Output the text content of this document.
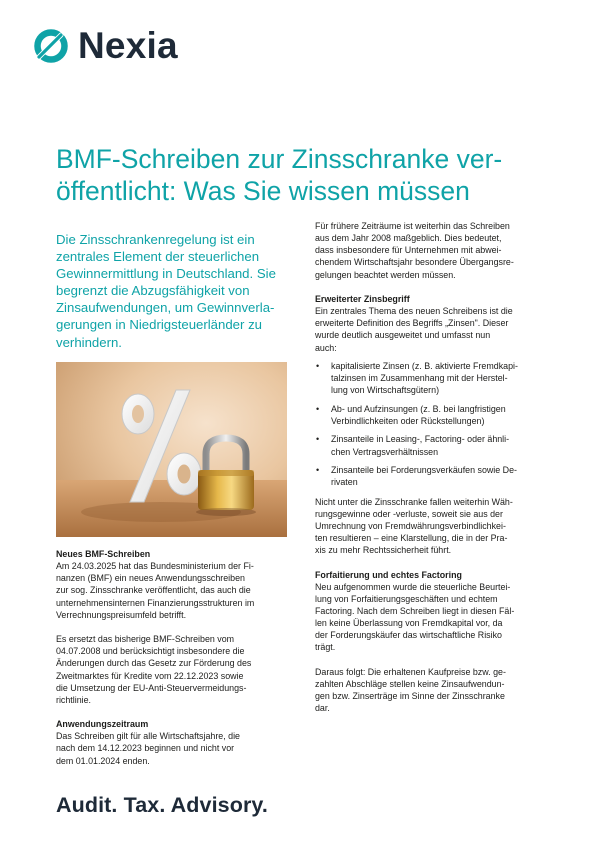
Nexia
BMF-Schreiben zur Zinsschranke ver-
öffentlicht: Was Sie wissen müssen

Die Zinsschrankenregelung ist ein
zentrales Element der steuerlichen
Gewinnermittlung in Deutschland. Sie
begrenzt die Abzugsfähigkeit von
Zinsaufwendungen, um Gewinnverla-
gerungen in Niedrigsteuerländer zu
verhindern.

Neues BMF-Schreiben
Am 24.03.2025 hat das Bundesministerium der Fi-
nanzen (BMF) ein neues Anwendungsschreiben
zur sog. Zinsschranke veröffentlicht, das auch die
unternehmensinternen Finanzierungsstrukturen im
Verrechnungspreisumfeld betrifft.
Es ersetzt das bisherige BMF-Schreiben vom
04.07.2008 und berücksichtigt insbesondere die
Änderungen durch das Gesetz zur Förderung des
Zweitmarktes für Kredite vom 22.12.2023 sowie
die Umsetzung der EU-Anti-Steuervermeidungs-
richtlinie.
Anwendungszeitraum
Das Schreiben gilt für alle Wirtschaftsjahre, die
nach dem 14.12.2023 beginnen und nicht vor
dem 01.01.2024 enden.
Für frühere Zeiträume ist weiterhin das Schreiben
aus dem Jahr 2008 maßgeblich. Dies bedeutet,
dass insbesondere für Unternehmen mit abwei-
chendem Wirtschaftsjahr besondere Übergangsre-
gelungen beachtet werden müssen.
Erweiterter Zinsbegriff
Ein zentrales Thema des neuen Schreibens ist die
erweiterte Definition des Begriffs „Zinsen". Dieser
wurde deutlich ausgeweitet und umfasst nun
auch:
• kapitalisierte Zinsen (z. B. aktivierte Fremdkapi-
talzinsen im Zusammenhang mit der Herstel-
lung von Wirtschaftsgütern)
• Ab- und Aufzinsungen (z. B. bei langfristigen
Verbindlichkeiten oder Rückstellungen)
• Zinsanteile in Leasing-, Factoring- oder ähnli-
chen Vertragsverhältnissen
• Zinsanteile bei Forderungsverkäufen sowie De-
rivaten
Nicht unter die Zinsschranke fallen weiterhin Wäh-
rungsgewinne oder -verluste, soweit sie aus der
Umrechnung von Fremdwährungsverbindlichkei-
ten resultieren – eine Klarstellung, die in der Pra-
xis zu mehr Rechtssicherheit führt.
Forfaitierung und echtes Factoring
Neu aufgenommen wurde die steuerliche Beurtei-
lung von Forfaitierungsgeschäften und echtem
Factoring. Nach dem Schreiben liegt in diesen Fäl-
len keine Überlassung von Fremdkapital vor, da
der Forderungskäufer das wirtschaftliche Risiko
trägt.
Daraus folgt: Die erhaltenen Kaufpreise bzw. ge-
zahlten Abschläge stellen keine Zinsaufwendun-
gen bzw. Zinserträge im Sinne der Zinsschranke
dar.

Audit. Tax. Advisory.
